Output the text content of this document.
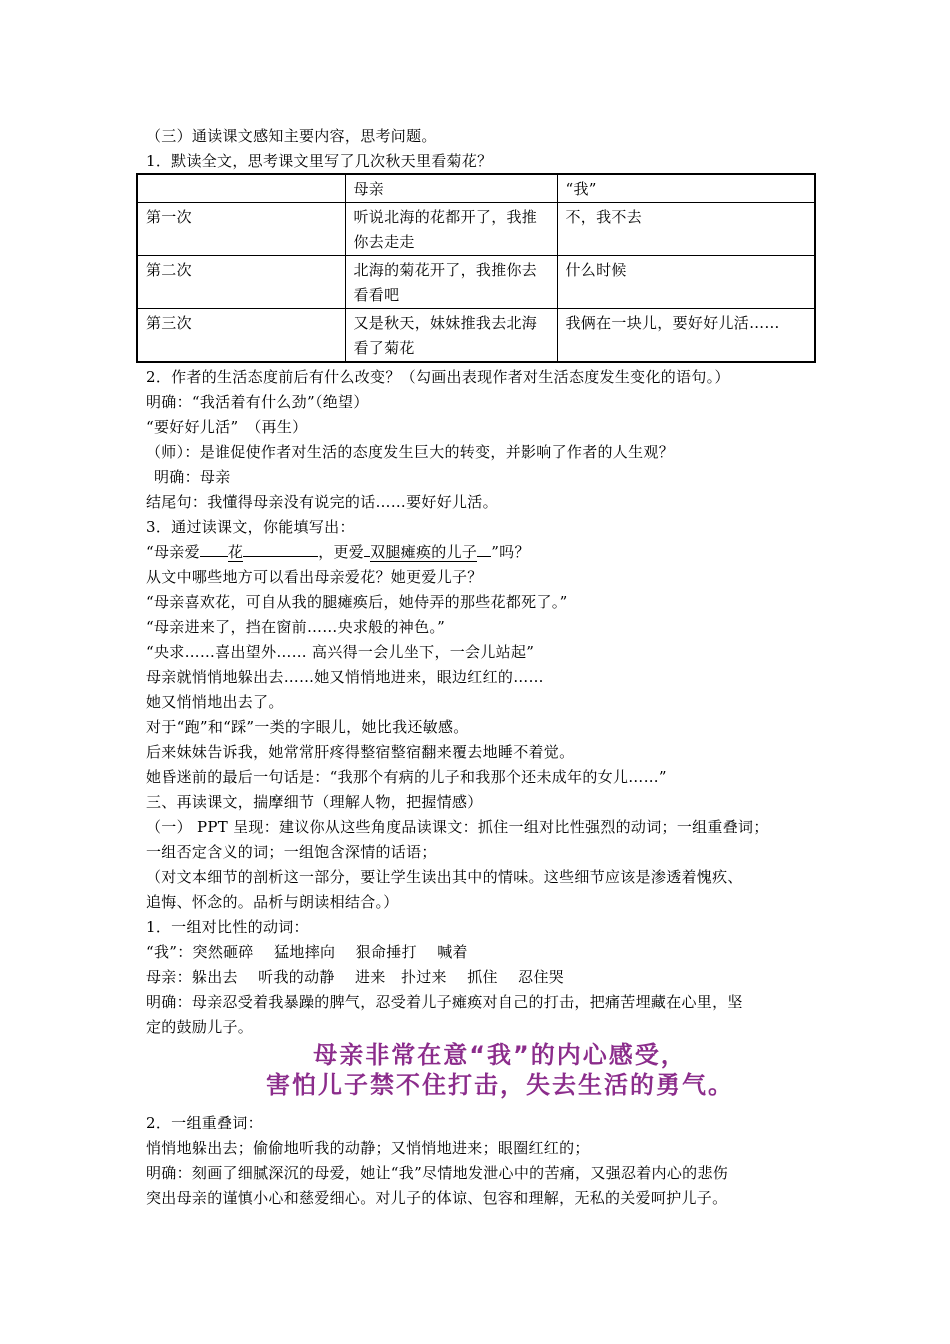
（三）通读课文感知主要内容，思考问题。
1．默读全文，思考课文里写了几次秋天里看菊花？
	母亲	“我”
第一次	听说北海的花都开了，我推你去走走	不，我不去
第二次	北海的菊花开了，我推你去看看吧	什么时候
第三次	又是秋天，妹妹推我去北海看了菊花	我俩在一块儿，要好好儿活……
2．作者的生活态度前后有什么改变？（勾画出表现作者对生活态度发生变化的语句。）
明确：“我活着有什么劲”（绝望）
“要好好儿活”　（再生）
（师）：是谁促使作者对生活的态度发生巨大的转变，并影响了作者的人生观？
明确：母亲
结尾句：我懂得母亲没有说完的话……要好好儿活。
3．通过读课文，你能填写出：
“母亲爱 花	，更爱 双腿瘫痪的儿子 ”吗？
从文中哪些地方可以看出母亲爱花？她更爱儿子？
“母亲喜欢花，可自从我的腿瘫痪后，她侍弄的那些花都死了。”
“母亲进来了，挡在窗前……央求般的神色。”
“央求……喜出望外…… 高兴得一会儿坐下，一会儿站起”
母亲就悄悄地躲出去……她又悄悄地进来，眼边红红的……
她又悄悄地出去了。
对于“跑”和“踩”一类的字眼儿，她比我还敏感。
后来妹妹告诉我，她常常肝疼得整宿整宿翻来覆去地睡不着觉。
她昏迷前的最后一句话是：“我那个有病的儿子和我那个还未成年的女儿……”
三、再读课文，揣摩细节（理解人物，把握情感）
（一） PPT 呈现：建议你从这些角度品读课文：抓住一组对比性强烈的动词；一组重叠词；
一组否定含义的词；一组饱含深情的话语；
（对文本细节的剖析这一部分，要让学生读出其中的情味。这些细节应该是渗透着愧疚、
追悔、怀念的。品析与朗读相结合。）
1．一组对比性的动词：
“我”：突然砸碎　 猛地摔向　 狠命捶打　 喊着
母亲：躲出去　 听我的动静　 进来　扑过来　 抓住　 忍住哭
明确：母亲忍受着我暴躁的脾气，忍受着儿子瘫痪对自己的打击，把痛苦埋藏在心里，坚
定的鼓励儿子。
母亲非常在意“我”的内心感受，
害怕儿子禁不住打击，失去生活的勇气。
2．一组重叠词：
悄悄地躲出去；偷偷地听我的动静；又悄悄地进来；眼圈红红的；
明确：刻画了细腻深沉的母爱，她让“我”尽情地发泄心中的苦痛，又强忍着内心的悲伤
突出母亲的谨慎小心和慈爱细心。对儿子的体谅、包容和理解，无私的关爱呵护儿子。
